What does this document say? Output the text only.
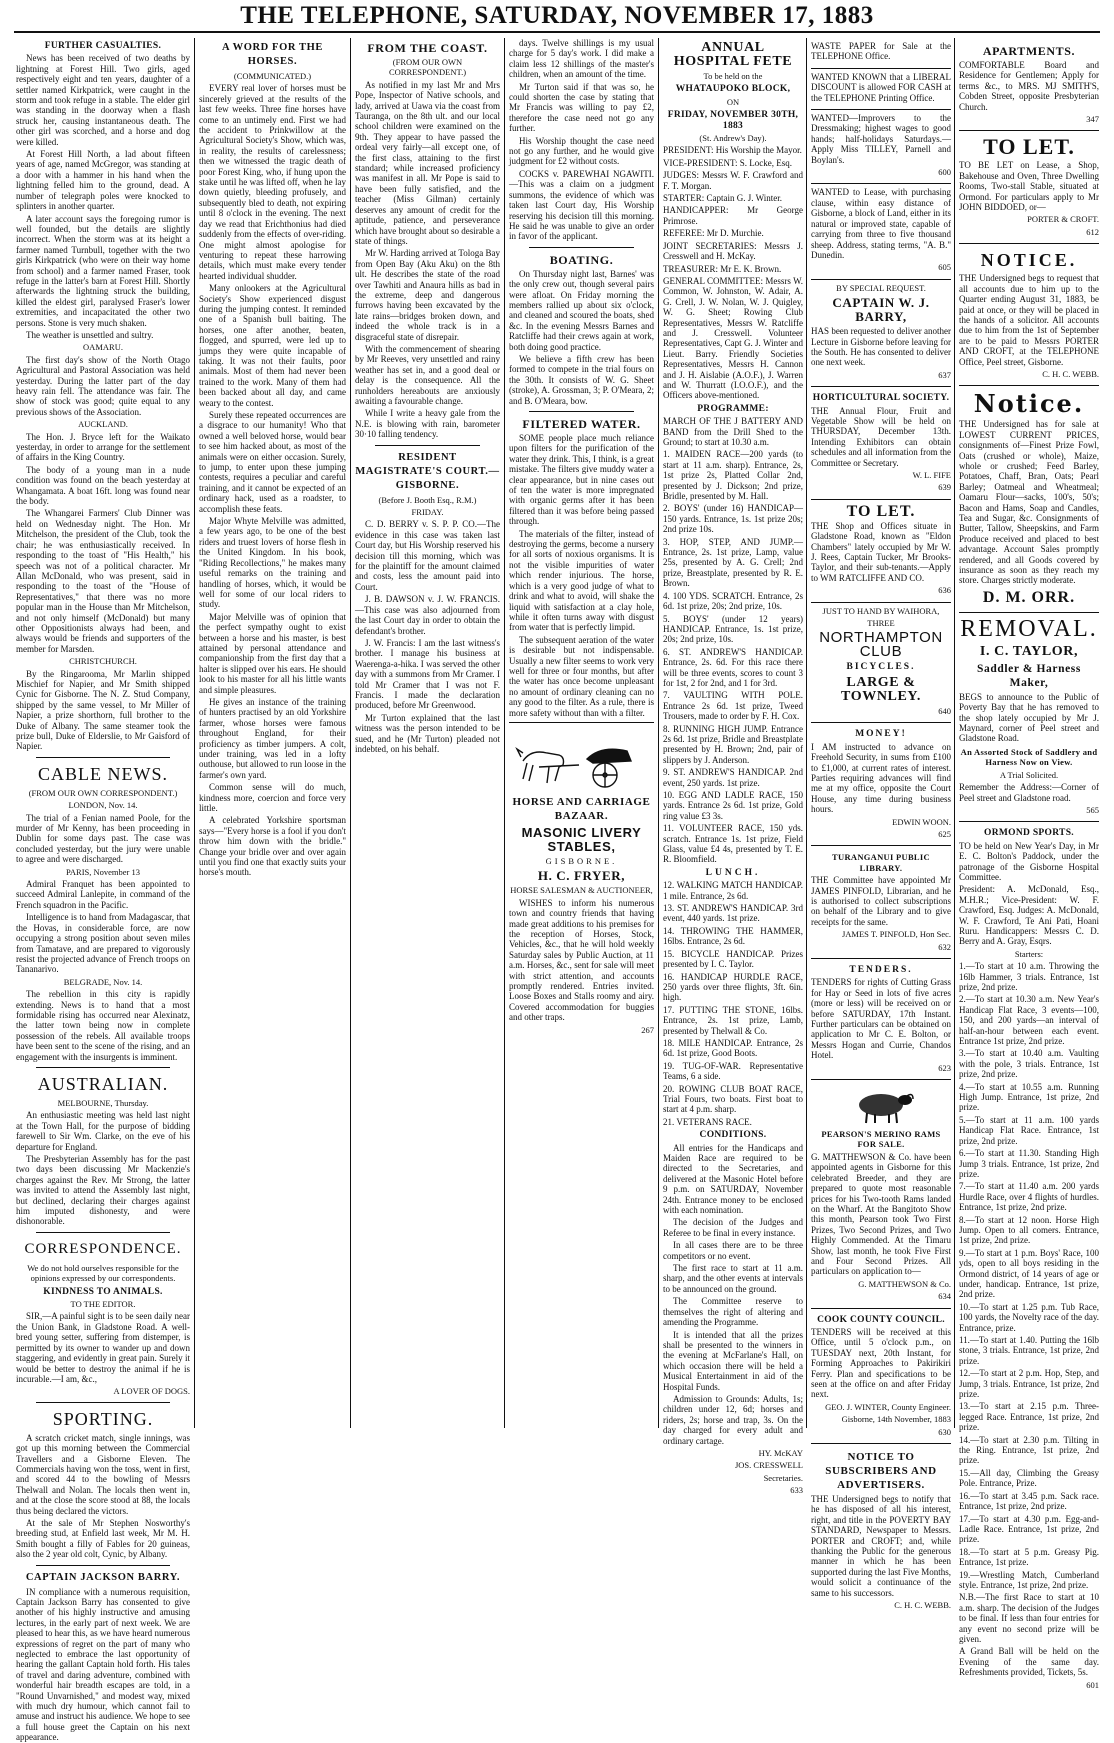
THE TELEPHONE, SATURDAY, NOVEMBER 17, 1883
FURTHER CASUALTIES.

News has been received of two deaths by lightning at Forest Hill. Two girls, aged respectively eight and ten years, daughter of a settler named Kirkpatrick, were caught in the storm and took refuge in a stable. The elder girl was standing in the doorway when a flash struck her, causing instantaneous death. The other girl was scorched, and a horse and dog were killed.

At Forest Hill North, a lad about fifteen years of age, named McGregor, was standing at a door with a hammer in his hand when the lightning felled him to the ground, dead. A number of telegraph poles were knocked to splinters in another quarter.

A later account says the foregoing rumor is well founded, but the details are slightly incorrect. When the storm was at its height a farmer named Turnbull, together with the two girls Kirkpatrick (who were on their way home from school) and a farmer named Fraser, took refuge in the latter's barn at Forest Hill. Shortly afterwards the lightning struck the building, killed the eldest girl, paralysed Fraser's lower extremities, and incapacitated the other two persons. Stone is very much shaken.

The weather is unsettled and sultry.

OAMARU.

The first day's show of the North Otago Agricultural and Pastoral Association was held yesterday. During the latter part of the day heavy rain fell. The attendance was fair. The show of stock was good; quite equal to any previous shows of the Association.

AUCKLAND.

The Hon. J. Bryce left for the Waikato yesterday, in order to arrange for the settlement of affairs in the King Country.

The body of a young man in a nude condition was found on the beach yesterday at Whangamata. A boat 16ft. long was found near the body.

The Whangarei Farmers' Club Dinner was held on Wednesday night. The Hon. Mr Mitchelson, the president of the Club, took the chair; he was enthusiastically received. In responding to the toast of "His Health," his speech was not of a political character. Mr Allan McDonald, who was present, said in responding to the toast of the "House of Representatives," that there was no more popular man in the House than Mr Mitchelson, and not only himself (McDonald) but many other Oppositionists always had been, and always would be friends and supporters of the member for Marsden.

CHRISTCHURCH.

By the Ringarooma, Mr Marlin shipped Mischief for Napier, and Mr Smith shipped Cynic for Gisborne. The N. Z. Stud Company, shipped by the same vessel, to Mr Miller of Napier, a prize shorthorn, full brother to the Duke of Albany. The same steamer took the prize bull, Duke of Elderslie, to Mr Gaisford of Napier.

CABLE NEWS.
(FROM OUR OWN CORRESPONDENT.)
LONDON, Nov. 14.

The trial of a Fenian named Poole, for the murder of Mr Kenny, has been proceeding in Dublin for some days past. The case was concluded yesterday, but the jury were unable to agree and were discharged.

PARIS, November 13

Admiral Franquet has been appointed to succeed Admiral Lanlepite, in command of the French squadron in the Pacific.

Intelligence is to hand from Madagascar, that the Hovas, in considerable force, are now occupying a strong position about seven miles from Tamatave, and are prepared to vigorously resist the projected advance of French troops on Tananarivo.

BELGRADE, Nov. 14.

The rebellion in this city is rapidly extending. News is to hand that a most formidable rising has occurred near Alexinatz, the latter town being now in complete possession of the rebels. All available troops have been sent to the scene of the rising, and an engagement with the insurgents is imminent.

AUSTRALIAN.
MELBOURNE, Thursday.

An enthusiastic meeting was held last night at the Town Hall, for the purpose of bidding farewell to Sir Wm. Clarke, on the eve of his departure for England.

The Presbyterian Assembly has for the past two days been discussing Mr Mackenzie's charges against the Rev. Mr Strong, the latter was invited to attend the Assembly last night, but declined, declaring their charges against him imputed dishonesty, and were dishonorable.

CORRESPONDENCE.
We do not hold ourselves responsible for the opinions expressed by our correspondents.
KINDNESS TO ANIMALS.
TO THE EDITOR.

SIR,—A painful sight is to be seen daily near the Union Bank, in Gladstone Road. A well-bred young setter, suffering from distemper, is permitted by its owner to wander up and down staggering, and evidently in great pain. Surely it would be better to destroy the animal if he is incurable.—I am, &c.,

A LOVER OF DOGS.
SPORTING.

A scratch cricket match, single innings, was got up this morning between the Commercial Travellers and a Gisborne Eleven. The Commercials having won the toss, went in first, and scored 44 to the bowling of Messrs Thelwall and Nolan. The locals then went in, and at the close the score stood at 88, the locals thus being declared the victors.

At the sale of Mr Stephen Nosworthy's breeding stud, at Enfield last week, Mr M. H. Smith bought a filly of Fables for 20 guineas, also the 2 year old colt, Cynic, by Albany.

CAPTAIN JACKSON BARRY.

IN compliance with a numerous requisition, Captain Jackson Barry has consented to give another of his highly instructive and amusing lectures, in the early part of next week. We are pleased to hear this, as we have heard numerous expressions of regret on the part of many who neglected to embrace the last opportunity of hearing the gallant Captain hold forth. His tales of travel and daring adventure, combined with wonderful hair breadth escapes are told, in a "Round Unvarnished," and modest way, mixed with much dry humour, which cannot fail to amuse and instruct his audience. We hope to see a full house greet the Captain on his next appearance.

A WORD FOR THE HORSES.
(COMMUNICATED.)

EVERY real lover of horses must be sincerely grieved at the results of the last few weeks. Three fine horses have come to an untimely end. First we had the accident to Prinkwillow at the Agricultural Society's Show, which was, in reality, the results of carelessness; then we witnessed the tragic death of poor Forest King, who, if hung upon the stake until he was lifted off, when he lay down quietly, bleeding profusely, and subsequently bled to death, not expiring until 8 o'clock in the evening. The next day we read that Erichthonius had died suddenly from the effects of over-riding. One might almost apologise for venturing to repeat these harrowing details, which must make every tender hearted individual shudder.

Many onlookers at the Agricultural Society's Show experienced disgust during the jumping contest. It reminded one of a Spanish bull baiting. The horses, one after another, beaten, flogged, and spurred, were led up to jumps they were quite incapable of taking. It was not their faults, poor animals. Most of them had never been trained to the work. Many of them had been backed about all day, and came weary to the contest.

Surely these repeated occurrences are a disgrace to our humanity! Who that owned a well beloved horse, would bear to see him hacked about, as most of the animals were on either occasion. Surely, to jump, to enter upon these jumping contests, requires a peculiar and careful training, and it cannot be expected of an ordinary hack, used as a roadster, to accomplish these feats.

Major Whyte Melville was admitted, a few years ago, to be one of the best riders and truest lovers of horse flesh in the United Kingdom. In his book, "Riding Recollections," he makes many useful remarks on the training and handling of horses, which, it would be well for some of our local riders to study.

Major Melville was of opinion that the perfect sympathy ought to exist between a horse and his master, is best attained by personal attendance and companionship from the first day that a halter is slipped over his ears. He should look to his master for all his little wants and simple pleasures.

He gives an instance of the training of hunters practised by an old Yorkshire farmer, whose horses were famous throughout England, for their proficiency as timber jumpers. A colt, under training, was led in a lofty outhouse, but allowed to run loose in the farmer's own yard.

Common sense will do much, kindness more, coercion and force very little.

A celebrated Yorkshire sportsman says—"Every horse is a fool if you don't throw him down with the bridle." Change your bridle over and over again until you find one that exactly suits your horse's mouth.

FROM THE COAST.
(FROM OUR OWN CORRESPONDENT.)

As notified in my last Mr and Mrs Pope, Inspector of Native schools, and lady, arrived at Uawa via the coast from Tauranga, on the 8th ult. and our local school children were examined on the 9th. They appear to have passed the ordeal very fairly—all except one, of the first class, attaining to the first standard; while increased proficiency was manifest in all. Mr Pope is said to have been fully satisfied, and the teacher (Miss Gilman) certainly deserves any amount of credit for the aptitude, patience, and perseverance which have brought about so desirable a state of things.

Mr W. Harding arrived at Tologa Bay from Open Bay (Aku Aku) on the 8th ult. He describes the state of the road over Tawhiti and Anaura hills as bad in the extreme, deep and dangerous furrows having been excavated by the late rains—bridges broken down, and indeed the whole track is in a disgraceful state of disrepair.

With the commencement of shearing by Mr Reeves, very unsettled and rainy weather has set in, and a good deal or delay is the consequence. All the runholders hereabouts are anxiously awaiting a favourable change.

While I write a heavy gale from the N.E. is blowing with rain, barometer 30·10 falling tendency.

RESIDENT MAGISTRATE'S COURT.—GISBORNE.
(Before J. Booth Esq., R.M.)
FRIDAY.

C. D. BERRY v. S. P. P. CO.—The evidence in this case was taken last Court day, but His Worship reserved his decision till this morning, which was for the plaintiff for the amount claimed and costs, less the amount paid into Court.

J. B. DAWSON v. J. W. FRANCIS.—This case was also adjourned from the last Court day in order to obtain the defendant's brother.

J. W. Francis: I am the last witness's brother. I manage his business at Waerenga-a-hika. I was served the other day with a summons from Mr Cramer. I told Mr Cramer that I was not F. Francis. I made the declaration produced, before Mr Greenwood.

Mr Turton explained that the last witness was the person intended to be sued, and he (Mr Turton) pleaded not indebted, on his behalf.

days. Twelve shillings is my usual charge for 5 day's work. I did make a claim less 12 shillings of the master's children, when an amount of the time.

Mr Turton said if that was so, he could shorten the case by stating that Mr Francis was willing to pay £2, therefore the case need not go any further.

His Worship thought the case need not go any further, and he would give judgment for £2 without costs.

COCKS v. PAREWHAI NGAWITI.—This was a claim on a judgment summons, the evidence of which was taken last Court day, His Worship reserving his decision till this morning. He said he was unable to give an order in favor of the applicant.

BOATING.

On Thursday night last, Barnes' was the only crew out, though several pairs were afloat. On Friday morning the members rallied up about six o'clock, and cleaned and scoured the boats, shed &c. In the evening Messrs Barnes and Ratcliffe had their crews again at work, both doing good practice.

We believe a fifth crew has been formed to compete in the trial fours on the 30th. It consists of W. G. Sheet (stroke), A. Grossman, 3; P. O'Meara, 2; and B. O'Meara, bow.

FILTERED WATER.

SOME people place much reliance upon filters for the purification of the water they drink. This, I think, is a great mistake. The filters give muddy water a clear appearance, but in nine cases out of ten the water is more impregnated with organic germs after it has been filtered than it was before being passed through.

The materials of the filter, instead of destroying the germs, become a nursery for all sorts of noxious organisms. It is not the visible impurities of water which render injurious. The horse, which is a very good judge of what to drink and what to avoid, will shake the liquid with satisfaction at a clay hole, while it often turns away with disgust from water that is perfectly limpid.

The subsequent aeration of the water is desirable but not indispensable. Usually a new filter seems to work very well for three or four months, but after the water has once become unpleasant no amount of ordinary cleaning can no any good to the filter. As a rule, there is more safety without than with a filter.

HORSE AND CARRIAGE BAZAAR.
MASONIC LIVERY STABLES,
GISBORNE.
H. C. FRYER,
HORSE SALESMAN & AUCTIONEER,

WISHES to inform his numerous town and country friends that having made great additions to his premises for the reception of Horses, Stock, Vehicles, &c., that he will hold weekly Saturday sales by Public Auction, at 11 a.m. Horses, &c., sent for sale will meet with strict attention, and accounts promptly rendered. Entries invited. Loose Boxes and Stalls roomy and airy. Covered accommodation for buggies and other traps.

267
ANNUAL HOSPITAL FETE
To be held on the
WHATAUPOKO BLOCK,
ON
FRIDAY, NOVEMBER 30TH, 1883
(St. Andrew's Day).
PRESIDENT: His Worship the Mayor.
VICE-PRESIDENT: S. Locke, Esq.
JUDGES: Messrs W. F. Crawford and F. T. Morgan.
STARTER: Captain G. J. Winter.
HANDICAPPER: Mr George Primrose.
REFEREE: Mr D. Murchie.
JOINT SECRETARIES: Messrs J. Cresswell and H. McKay.
TREASURER: Mr E. K. Brown.
GENERAL COMMITTEE: Messrs W. Common, W. Johnston, W. Adair, A. G. Crell, J. W. Nolan, W. J. Quigley, W. G. Sheet; Rowing Club Representatives, Messrs W. Ratcliffe and J. Cresswell. Volunteer Representatives, Capt G. J. Winter and Lieut. Barry. Friendly Societies Representatives, Messrs H. Cannon and J. H. Aislabie (A.O.F.), J. Warren and W. Thurratt (I.O.O.F.), and the Officers above-mentioned.
PROGRAMME:
MARCH OF THE J BATTERY AND BAND from the Drill Shed to the Ground; to start at 10.30 a.m.
1. MAIDEN RACE—200 yards (to start at 11 a.m. sharp). Entrance, 2s, 1st prize 2s, Platted Collar 2nd, presented by J. Dickson; 2nd prize, Bridle, presented by M. Hall.
2. BOYS' (under 16) HANDICAP—150 yards. Entrance, 1s. 1st prize 20s; 2nd prize 10s.
3. HOP, STEP, AND JUMP.—Entrance, 2s. 1st prize, Lamp, value 25s, presented by A. G. Crell; 2nd prize, Breastplate, presented by R. E. Brown.
4. 100 YDS. SCRATCH. Entrance, 2s 6d. 1st prize, 20s; 2nd prize, 10s.
5. BOYS' (under 12 years) HANDICAP. Entrance, 1s. 1st prize, 20s; 2nd prize, 10s.
6. ST. ANDREW'S HANDICAP. Entrance, 2s. 6d. For this race there will be three events, scores to count 3 for 1st, 2 for 2nd, and 1 for 3rd.
7. VAULTING WITH POLE. Entrance 2s 6d. 1st prize, Tweed Trousers, made to order by F. H. Cox.
8. RUNNING HIGH JUMP. Entrance 2s 6d. 1st prize, Bridle and Breastplate presented by H. Brown; 2nd, pair of slippers by J. Anderson.
9. ST. ANDREW'S HANDICAP. 2nd event, 250 yards. 1st prize.
10. EGG AND LADLE RACE, 150 yards. Entrance 2s 6d. 1st prize, Gold ring value £3 3s.
11. VOLUNTEER RACE, 150 yds. scratch. Entrance 1s. 1st prize, Field Glass, value £4 4s, presented by T. E. R. Bloomfield.
LUNCH.
12. WALKING MATCH HANDICAP. 1 mile. Entrance, 2s 6d.
13. ST. ANDREW'S HANDICAP. 3rd event, 440 yards. 1st prize.
14. THROWING THE HAMMER, 16lbs. Entrance, 2s 6d.
15. BICYCLE HANDICAP. Prizes presented by I. C. Taylor.
16. HANDICAP HURDLE RACE, 250 yards over three flights, 3ft. 6in. high.
17. PUTTING THE STONE, 16lbs. Entrance, 2s. 1st prize, Lamb, presented by Thelwall & Co.
18. MILE HANDICAP. Entrance, 2s 6d. 1st prize, Good Boots.
19. TUG-OF-WAR. Representative Teams, 6 a side.
20. ROWING CLUB BOAT RACE, Trial Fours, two boats. First boat to start at 4 p.m. sharp.
21. VETERANS RACE.
CONDITIONS.

All entries for the Handicaps and Maiden Race are required to be directed to the Secretaries, and delivered at the Masonic Hotel before 9 p.m. on SATURDAY, November 24th. Entrance money to be enclosed with each nomination.

The decision of the Judges and Referee to be final in every instance.

In all cases there are to be three competitors or no event.

The first race to start at 11 a.m. sharp, and the other events at intervals to be announced on the ground.

The Committee reserve to themselves the right of altering and amending the Programme.

It is intended that all the prizes shall be presented to the winners in the evening at McFarlane's Hall, on which occasion there will be held a Musical Entertainment in aid of the Hospital Funds.

Admission to Grounds: Adults, 1s; children under 12, 6d; horses and riders, 2s; horse and trap, 3s. On the day charged for every adult and ordinary cartage.

HY. McKAY
JOS. CRESSWELL
Secretaries.
633

WASTE PAPER for Sale at the TELEPHONE Office.

WANTED KNOWN that a LIBERAL DISCOUNT is allowed FOR CASH at the TELEPHONE Printing Office.

WANTED—Improvers to the Dressmaking; highest wages to good hands; half-holidays Saturdays.—Apply Miss TILLEY, Parnell and Boylan's.

600

WANTED to Lease, with purchasing clause, within easy distance of Gisborne, a block of Land, either in its natural or improved state, capable of carrying from three to five thousand sheep. Address, stating terms, "A. B." Dunedin.

605
BY SPECIAL REQUEST.
CAPTAIN W. J. BARRY,

HAS been requested to deliver another Lecture in Gisborne before leaving for the South. He has consented to deliver one next week.

637
HORTICULTURAL SOCIETY.

THE Annual Flour, Fruit and Vegetable Show will be held on THURSDAY, December 13th. Intending Exhibitors can obtain schedules and all information from the Committee or Secretary.

W. L. FIFE
639
TO LET.

THE Shop and Offices situate in Gladstone Road, known as "Eldon Chambers" lately occupied by Mr W. J. Rees, Captain Tucker, Mr Brooks-Taylor, and their sub-tenants.—Apply to WM RATCLIFFE AND CO.

636
JUST TO HAND BY WAIHORA,
THREE
NORTHAMPTON CLUB
BICYCLES.
LARGE & TOWNLEY.
640
MONEY!

I AM instructed to advance on Freehold Security, in sums from £100 to £1,000, at current rates of interest. Parties requiring advances will find me at my office, opposite the Court House, any time during business hours.

EDWIN WOON.
625
TURANGANUI PUBLIC LIBRARY.

THE Committee have appointed Mr JAMES PINFOLD, Librarian, and he is authorised to collect subscriptions on behalf of the Library and to give receipts for the same.

JAMES T. PINFOLD, Hon Sec.
632
TENDERS.

TENDERS for rights of Cutting Grass for Hay or Seed in lots of five acres (more or less) will be received on or before SATURDAY, 17th Instant. Further particulars can be obtained on application to Mr C. E. Bolton, or Messrs Hogan and Currie, Chandos Hotel.

623
PEARSON'S MERINO RAMS FOR SALE.

G. MATTHEWSON & Co. have been appointed agents in Gisborne for this celebrated Breeder, and they are prepared to quote most reasonable prices for his Two-tooth Rams landed on the Wharf. At the Bangitoto Show this month, Pearson took Two First Prizes, Two Second Prizes, and Two Highly Commended. At the Timaru Show, last month, he took Five First and Four Second Prizes. All particulars on application to—

G. MATTHEWSON & Co.
634
COOK COUNTY COUNCIL.

TENDERS will be received at this Office, until 5 o'clock p.m., on TUESDAY next, 20th Instant, for Forming Approaches to Pakirikiri Ferry. Plan and specifications to be seen at the office on and after Friday next.

GEO. J. WINTER, County Engineer.
Gisborne, 14th November, 1883
630
NOTICE TO SUBSCRIBERS AND ADVERTISERS.

THE Undersigned begs to notify that he has disposed of all his interest, right, and title in the POVERTY BAY STANDARD, Newspaper to Messrs. PORTER and CROFT; and, while thanking the Public for the generous manner in which he has been supported during the last Five Months, would solicit a continuance of the same to his successors.

C. H. C. WEBB.
APARTMENTS.

COMFORTABLE Board and Residence for Gentlemen; Apply for terms &c., to MRS. MJ SMITH'S, Cobden Street, opposite Presbyterian Church.

347
TO LET.

TO BE LET on Lease, a Shop, Bakehouse and Oven, Three Dwelling Rooms, Two-stall Stable, situated at Ormond. For particulars apply to Mr JOHN BIDDOED, or—

PORTER & CROFT.
612
NOTICE.

THE Undersigned begs to request that all accounts due to him up to the Quarter ending August 31, 1883, be paid at once, or they will be placed in the hands of a solicitor. All accounts due to him from the 1st of September are to be paid to Messrs PORTER AND CROFT, at the TELEPHONE Office, Peel street, Gisborne.

C. H. C. WEBB.
Notice.

THE Undersigned has for sale at LOWEST CURRENT PRICES, consignments of—Finest Prize Fowl, Oats (crushed or whole), Maize, whole or crushed; Feed Barley, Potatoes, Chaff, Bran, Oats; Pearl Barley; Oatmeal and Wheatmeal; Oamaru Flour—sacks, 100's, 50's; Bacon and Hams, Soap and Candles, Tea and Sugar, &c. Consignments of Butter, Tallow, Sheepskins, and Farm Produce received and placed to best advantage. Account Sales promptly rendered, and all Goods covered by insurance as soon as they reach my store. Charges strictly moderate.

D. M. ORR.
REMOVAL.
I. C. TAYLOR,
Saddler & Harness Maker,

BEGS to announce to the Public of Poverty Bay that he has removed to the shop lately occupied by Mr J. Maynard, corner of Peel street and Gladstone Road.

An Assorted Stock of Saddlery and Harness Now on View.
A Trial Solicited.

Remember the Address:—Corner of Peel street and Gladstone road.

565
ORMOND SPORTS.

TO be held on New Year's Day, in Mr E. C. Bolton's Paddock, under the patronage of the Gisborne Hospital Committee.

President: A. McDonald, Esq., M.H.R.; Vice-President: W. F. Crawford, Esq. Judges: A. McDonald, W. F. Crawford, Te Ani Pati, Hoani Ruru. Handicappers: Messrs C. D. Berry and A. Gray, Esqrs.

Starters:
1.—To start at 10 a.m. Throwing the 16lb Hammer, 3 trials. Entrance, 1st prize, 2nd prize.
2.—To start at 10.30 a.m. New Year's Handicap Flat Race, 3 events—100, 150, and 200 yards—an interval of half-an-hour between each event. Entrance 1st prize, 2nd prize.
3.—To start at 10.40 a.m. Vaulting with the pole, 3 trials. Entrance, 1st prize, 2nd prize.
4.—To start at 10.55 a.m. Running High Jump. Entrance, 1st prize, 2nd prize.
5.—To start at 11 a.m. 100 yards Handicap Flat Race. Entrance, 1st prize, 2nd prize.
6.—To start at 11.30. Standing High Jump 3 trials. Entrance, 1st prize, 2nd prize.
7.—To start at 11.40 a.m. 200 yards Hurdle Race, over 4 flights of hurdles. Entrance, 1st prize, 2nd prize.
8.—To start at 12 noon. Horse High Jump. Open to all comers. Entrance, 1st prize, 2nd prize.
9.—To start at 1 p.m. Boys' Race, 100 yds, open to all boys residing in the Ormond district, of 14 years of age or under, handicap. Entrance, 1st prize, 2nd prize.
10.—To start at 1.25 p.m. Tub Race, 100 yards, the Novelty race of the day. Entrance, prize.
11.—To start at 1.40. Putting the 16lb stone, 3 trials. Entrance, 1st prize, 2nd prize.
12.—To start at 2 p.m. Hop, Step, and Jump, 3 trials. Entrance, 1st prize, 2nd prize.
13.—To start at 2.15 p.m. Three-legged Race. Entrance, 1st prize, 2nd prize.
14.—To start at 2.30 p.m. Tilting in the Ring. Entrance, 1st prize, 2nd prize.
15.—All day, Climbing the Greasy Pole. Entrance, Prize.
16.—To start at 3.45 p.m. Sack race. Entrance, 1st prize, 2nd prize.
17.—To start at 4.30 p.m. Egg-and-Ladle Race. Entrance, 1st prize, 2nd prize.
18.—To start at 5 p.m. Greasy Pig. Entrance, 1st prize.
19.—Wrestling Match, Cumberland style. Entrance, 1st prize, 2nd prize.
N.B.—The first Race to start at 10 a.m. sharp. The decision of the Judges to be final. If less than four entries for any event no second prize will be given.
A Grand Ball will be held on the Evening of the same day. Refreshments provided, Tickets, 5s.
601
